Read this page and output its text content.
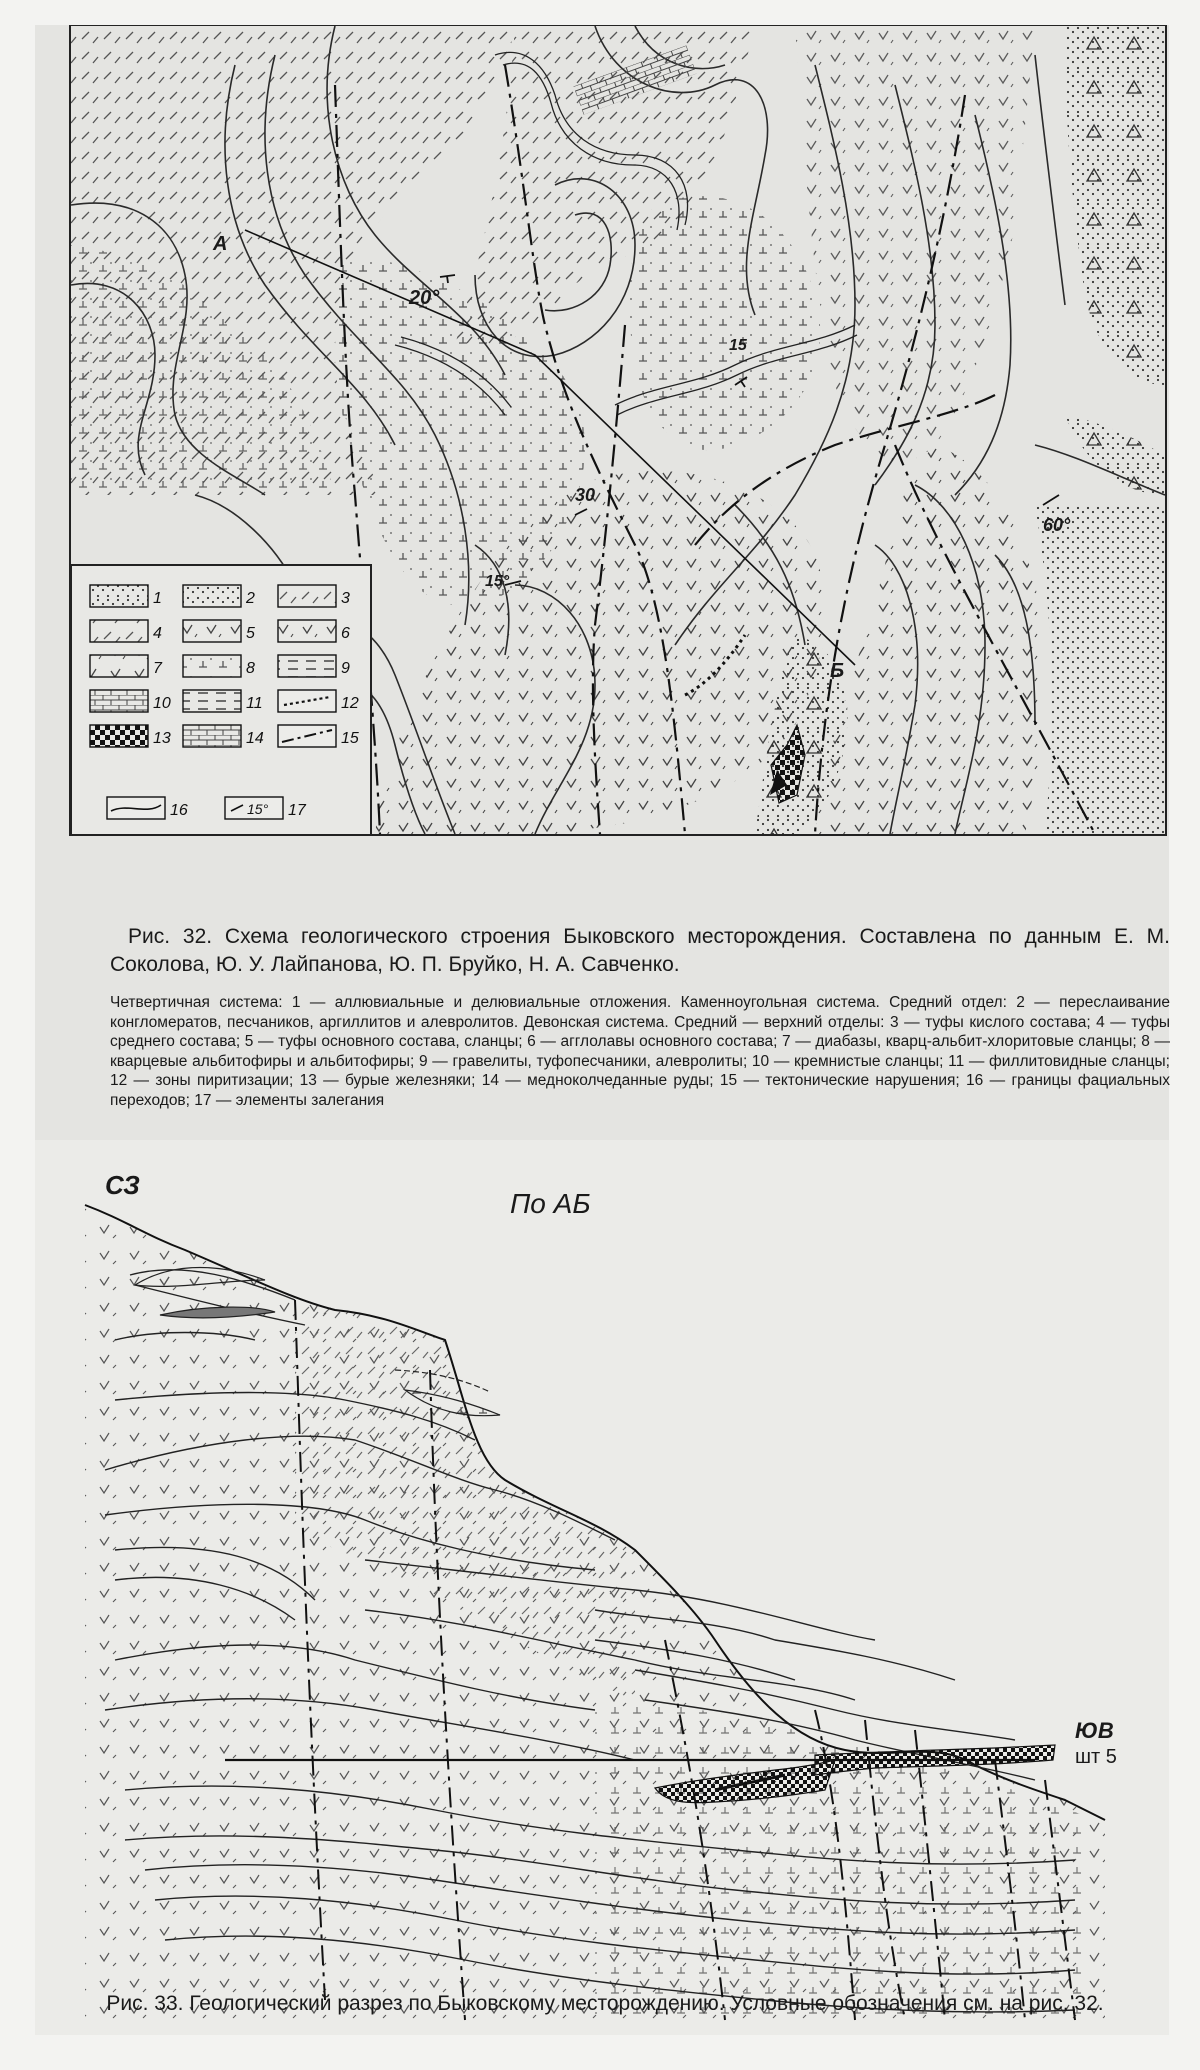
1	2	3
4	5	6
7	8	9
10	11	12
13	14	15
16	17
15°
А
Б
20°
15
30
60°
15°

Рис. 32. Схема геологического строения Быковского месторождения. Составлена по данным Е. М. Соколова, Ю. У. Лайпанова, Ю. П. Бруйко, Н. А. Савченко.

Четвертичная система: 1 — аллювиальные и делювиальные отложения. Каменноугольная система. Средний отдел: 2 — переслаивание конгломератов, песчаников, аргиллитов и алевролитов. Девонская система. Средний — верхний отделы: 3 — туфы кислого состава; 4 — туфы среднего состава; 5 — туфы основного состава, сланцы; 6 — агглолавы основного состава; 7 — диабазы, кварц-альбит-хлоритовые сланцы; 8 — кварцевые альбитофиры и альбитофиры; 9 — гравелиты, туфопесчаники, алевролиты; 10 — кремнистые сланцы; 11 — филлитовидные сланцы; 12 — зоны пиритизации; 13 — бурые железняки; 14 — медноколчеданные руды; 15 — тектонические нарушения; 16 — границы фациальных переходов; 17 — элементы залегания

СЗ
По АБ
ЮВ
шт 5
Рис. 33. Геологический разрез по Быковскому месторождению. Условные обозначения см. на рис. 32.
